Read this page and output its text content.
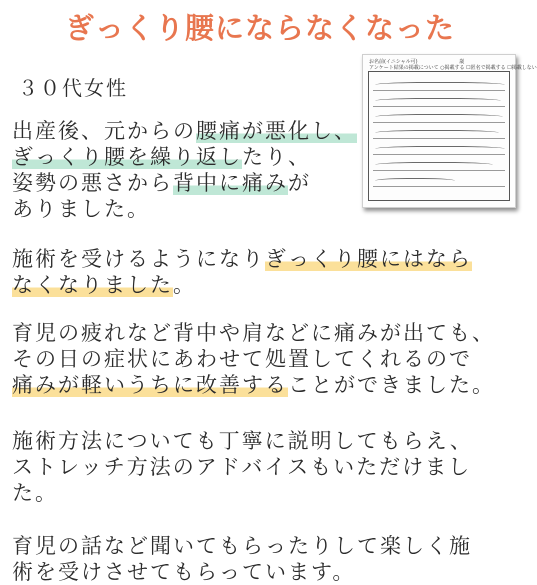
ぎっくり腰にならなくなった
３０代女性
お名前(イニシャル可)	歳
アンケート結果の掲載について ○掲載する ☐匿名で掲載する ☐掲載しない

出産後、元からの腰痛が悪化し、
ぎっくり腰を繰り返したり、
姿勢の悪さから背中に痛みが
ありました。

施術を受けるようになりぎっくり腰にはなら
なくなりました。

育児の疲れなど背中や肩などに痛みが出ても、
その日の症状にあわせて処置してくれるので
痛みが軽いうちに改善することができました。

施術方法についても丁寧に説明してもらえ、
ストレッチ方法のアドバイスもいただけまし
た。

育児の話など聞いてもらったりして楽しく施
術を受けさせてもらっています。
